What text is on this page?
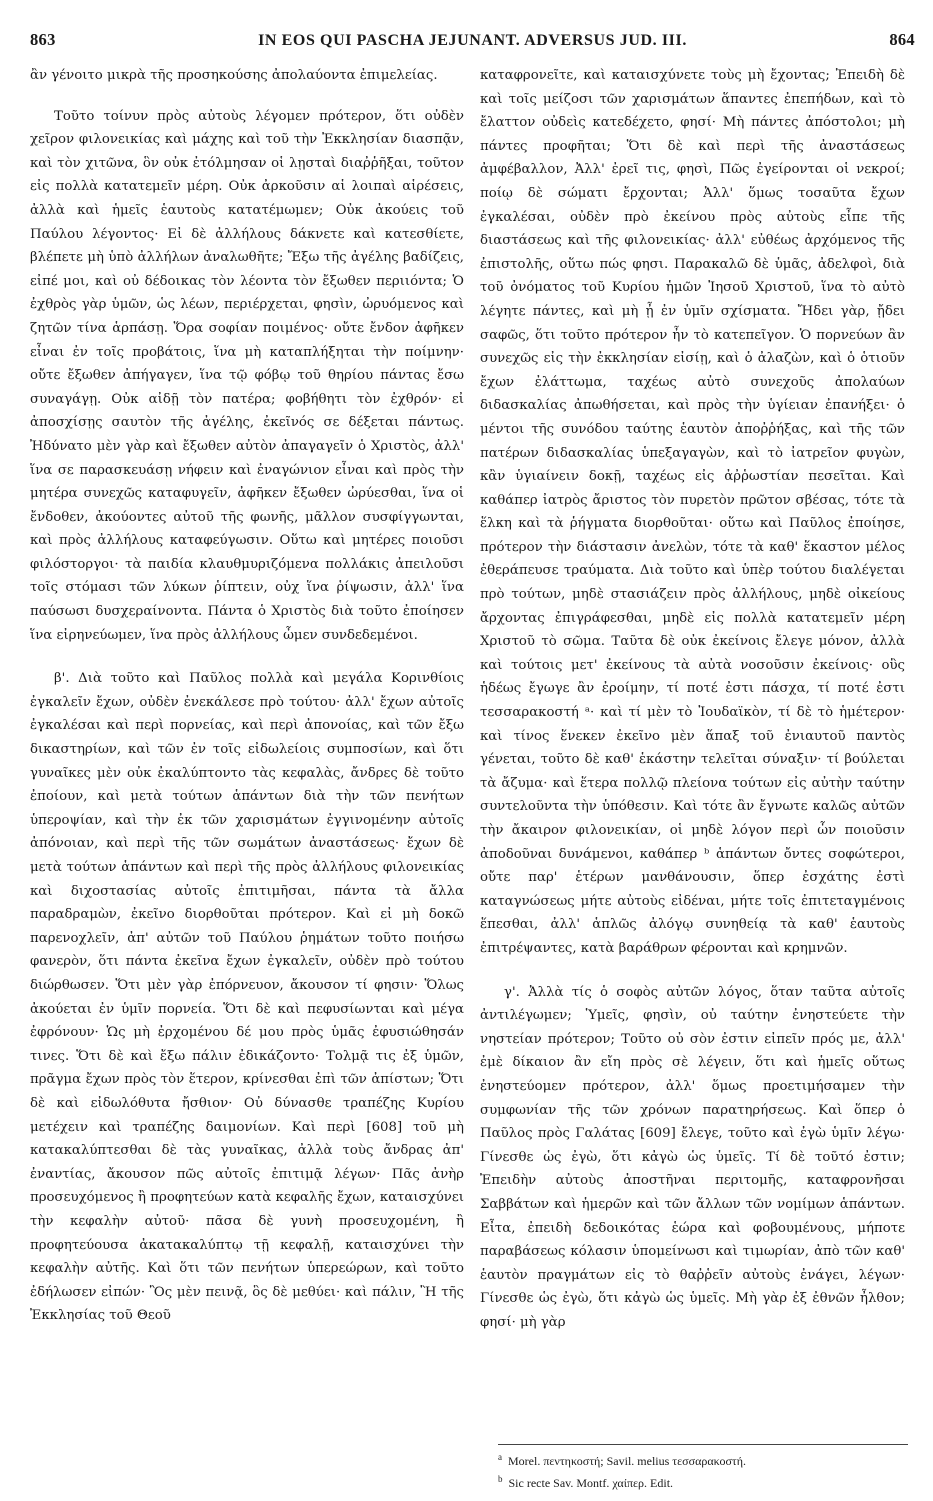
863	IN EOS QUI PASCHA JEJUNANT. ADVERSUS JUD. III.	864

ἂν γένοιτο μικρὰ τῆς προσηκούσης ἀπολαύοντα ἐπιμελείας.

Τοῦτο τοίνυν πρὸς αὐτοὺς λέγομεν πρότερον, ὅτι οὐδὲν χεῖρον φιλονεικίας καὶ μάχης καὶ τοῦ τὴν Ἐκκλησίαν διασπᾷν, καὶ τὸν χιτῶνα, ὃν οὐκ ἐτόλμησαν οἱ λῃσταὶ διαῤῥῆξαι, τοῦτον εἰς πολλὰ κατατεμεῖν μέρη. Οὐκ ἀρκοῦσιν αἱ λοιπαὶ αἱρέσεις, ἀλλὰ καὶ ἡμεῖς ἑαυτοὺς κατατέμωμεν; Οὐκ ἀκούεις τοῦ Παύλου λέγοντος· Εἰ δὲ ἀλλήλους δάκνετε καὶ κατεσθίετε, βλέπετε μὴ ὑπὸ ἀλλήλων ἀναλωθῆτε; Ἔξω τῆς ἀγέλης βαδίζεις, εἰπέ μοι, καὶ οὐ δέδοικας τὸν λέοντα τὸν ἔξωθεν περιιόντα; Ὁ ἐχθρὸς γὰρ ὑμῶν, ὡς λέων, περιέρχεται, φησὶν, ὠρυόμενος καὶ ζητῶν τίνα ἁρπάσῃ. Ὅρα σοφίαν ποιμένος· οὔτε ἔνδον ἀφῆκεν εἶναι ἐν τοῖς προβάτοις, ἵνα μὴ καταπλήξηται τὴν ποίμνην· οὔτε ἔξωθεν ἀπήγαγεν, ἵνα τῷ φόβῳ τοῦ θηρίου πάντας ἔσω συναγάγῃ. Οὐκ αἰδῇ τὸν πατέρα; φοβήθητι τὸν ἐχθρόν· εἰ ἀποσχίσῃς σαυτὸν τῆς ἀγέλης, ἐκεῖνός σε δέξεται πάντως. Ἠδύνατο μὲν γὰρ καὶ ἔξωθεν αὐτὸν ἀπαγαγεῖν ὁ Χριστὸς, ἀλλ' ἵνα σε παρασκευάσῃ νήφειν καὶ ἐναγώνιον εἶναι καὶ πρὸς τὴν μητέρα συνεχῶς καταφυγεῖν, ἀφῆκεν ἔξωθεν ὠρύεσθαι, ἵνα οἱ ἔνδοθεν, ἀκούοντες αὐτοῦ τῆς φωνῆς, μᾶλλον συσφίγγωνται, καὶ πρὸς ἀλλήλους καταφεύγωσιν. Οὕτω καὶ μητέρες ποιοῦσι φιλόστοργοι· τὰ παιδία κλαυθμυριζόμενα πολλάκις ἀπειλοῦσι τοῖς στόμασι τῶν λύκων ῥίπτειν, οὐχ ἵνα ῥίψωσιν, ἀλλ' ἵνα παύσωσι δυσχεραίνοντα. Πάντα ὁ Χριστὸς διὰ τοῦτο ἐποίησεν ἵνα εἰρηνεύωμεν, ἵνα πρὸς ἀλλήλους ὦμεν συνδεδεμένοι.

β'. Διὰ τοῦτο καὶ Παῦλος πολλὰ καὶ μεγάλα Κορινθίοις ἐγκαλεῖν ἔχων, οὐδὲν ἐνεκάλεσε πρὸ τούτου· ἀλλ' ἔχων αὐτοῖς ἐγκαλέσαι καὶ περὶ πορνείας, καὶ περὶ ἀπονοίας, καὶ τῶν ἔξω δικαστηρίων, καὶ τῶν ἐν τοῖς εἰδωλείοις συμποσίων, καὶ ὅτι γυναῖκες μὲν οὐκ ἐκαλύπτοντο τὰς κεφαλὰς, ἄνδρες δὲ τοῦτο ἐποίουν, καὶ μετὰ τούτων ἁπάντων διὰ τὴν τῶν πενήτων ὑπεροψίαν, καὶ τὴν ἐκ τῶν χαρισμάτων ἐγγινομένην αὐτοῖς ἀπόνοιαν, καὶ περὶ τῆς τῶν σωμάτων ἀναστάσεως· ἔχων δὲ μετὰ τούτων ἁπάντων καὶ περὶ τῆς πρὸς ἀλλήλους φιλονεικίας καὶ διχοστασίας αὐτοῖς ἐπιτιμῆσαι, πάντα τὰ ἄλλα παραδραμὼν, ἐκεῖνο διορθοῦται πρότερον. Καὶ εἰ μὴ δοκῶ παρενοχλεῖν, ἀπ' αὐτῶν τοῦ Παύλου ῥημάτων τοῦτο ποιήσω φανερὸν, ὅτι πάντα ἐκεῖνα ἔχων ἐγκαλεῖν, οὐδὲν πρὸ τούτου διώρθωσεν. Ὅτι μὲν γὰρ ἐπόρνευον, ἄκουσον τί φησιν· Ὅλως ἀκούεται ἐν ὑμῖν πορνεία. Ὅτι δὲ καὶ πεφυσίωνται καὶ μέγα ἐφρόνουν· Ὡς μὴ ἐρχομένου δέ μου πρὸς ὑμᾶς ἐφυσιώθησάν τινες. Ὅτι δὲ καὶ ἔξω πάλιν ἐδικάζοντο· Τολμᾷ τις ἐξ ὑμῶν, πρᾶγμα ἔχων πρὸς τὸν ἕτερον, κρίνεσθαι ἐπὶ τῶν ἀπίστων; Ὅτι δὲ καὶ εἰδωλόθυτα ἤσθιον· Οὐ δύνασθε τραπέζης Κυρίου μετέχειν καὶ τραπέζης δαιμονίων. Καὶ περὶ [608] τοῦ μὴ κατακαλύπτεσθαι δὲ τὰς γυναῖκας, ἀλλὰ τοὺς ἄνδρας ἀπ' ἐναντίας, ἄκουσον πῶς αὐτοῖς ἐπιτιμᾷ λέγων· Πᾶς ἀνὴρ προσευχόμενος ἢ προφητεύων κατὰ κεφαλῆς ἔχων, καταισχύνει τὴν κεφαλὴν αὐτοῦ· πᾶσα δὲ γυνὴ προσευχομένη, ἢ προφητεύουσα ἀκατακαλύπτῳ τῇ κεφαλῇ, καταισχύνει τὴν κεφαλὴν αὐτῆς. Καὶ ὅτι τῶν πενήτων ὑπερεώρων, καὶ τοῦτο ἐδήλωσεν εἰπών· Ὃς μὲν πεινᾷ, ὃς δὲ μεθύει· καὶ πάλιν, Ἢ τῆς Ἐκκλησίας τοῦ Θεοῦ

καταφρονεῖτε, καὶ καταισχύνετε τοὺς μὴ ἔχοντας; Ἐπειδὴ δὲ καὶ τοῖς μείζοσι τῶν χαρισμάτων ἅπαντες ἐπεπήδων, καὶ τὸ ἔλαττον οὐδεὶς κατεδέχετο, φησί· Μὴ πάντες ἀπόστολοι; μὴ πάντες προφῆται; Ὅτι δὲ καὶ περὶ τῆς ἀναστάσεως ἀμφέβαλλον, Ἀλλ' ἐρεῖ τις, φησὶ, Πῶς ἐγείρονται οἱ νεκροί; ποίῳ δὲ σώματι ἔρχονται; Ἀλλ' ὅμως τοσαῦτα ἔχων ἐγκαλέσαι, οὐδὲν πρὸ ἐκείνου πρὸς αὐτοὺς εἶπε τῆς διαστάσεως καὶ τῆς φιλονεικίας· ἀλλ' εὐθέως ἀρχόμενος τῆς ἐπιστολῆς, οὕτω πώς φησι. Παρακαλῶ δὲ ὑμᾶς, ἀδελφοὶ, διὰ τοῦ ὀνόματος τοῦ Κυρίου ἡμῶν Ἰησοῦ Χριστοῦ, ἵνα τὸ αὐτὸ λέγητε πάντες, καὶ μὴ ᾖ ἐν ὑμῖν σχίσματα. Ἤδει γὰρ, ᾔδει σαφῶς, ὅτι τοῦτο πρότερον ἦν τὸ κατεπεῖγον. Ὁ πορνεύων ἂν συνεχῶς εἰς τὴν ἐκκλησίαν εἰσίῃ, καὶ ὁ ἀλαζὼν, καὶ ὁ ὁτιοῦν ἔχων ἐλάττωμα, ταχέως αὐτὸ συνεχοῦς ἀπολαύων διδασκαλίας ἀπωθήσεται, καὶ πρὸς τὴν ὑγίειαν ἐπανήξει· ὁ μέντοι τῆς συνόδου ταύτης ἑαυτὸν ἀποῤῥήξας, καὶ τῆς τῶν πατέρων διδασκαλίας ὑπεξαγαγὼν, καὶ τὸ ἰατρεῖον φυγὼν, κἂν ὑγιαίνειν δοκῇ, ταχέως εἰς ἀῤῥωστίαν πεσεῖται. Καὶ καθάπερ ἰατρὸς ἄριστος τὸν πυρετὸν πρῶτον σβέσας, τότε τὰ ἕλκη καὶ τὰ ῥήγματα διορθοῦται· οὕτω καὶ Παῦλος ἐποίησε, πρότερον τὴν διάστασιν ἀνελὼν, τότε τὰ καθ' ἕκαστον μέλος ἐθεράπευσε τραύματα. Διὰ τοῦτο καὶ ὑπὲρ τούτου διαλέγεται πρὸ τούτων, μηδὲ στασιάζειν πρὸς ἀλλήλους, μηδὲ οἰκείους ἄρχοντας ἐπιγράφεσθαι, μηδὲ εἰς πολλὰ κατατεμεῖν μέρη Χριστοῦ τὸ σῶμα. Ταῦτα δὲ οὐκ ἐκείνοις ἔλεγε μόνον, ἀλλὰ καὶ τούτοις μετ' ἐκείνους τὰ αὐτὰ νοσοῦσιν ἐκείνοις· οὓς ἡδέως ἔγωγε ἂν ἐροίμην, τί ποτέ ἐστι πάσχα, τί ποτέ ἐστι τεσσαρακοστή ᵃ· καὶ τί μὲν τὸ Ἰουδαϊκὸν, τί δὲ τὸ ἡμέτερον· καὶ τίνος ἕνεκεν ἐκεῖνο μὲν ἅπαξ τοῦ ἐνιαυτοῦ παντὸς γένεται, τοῦτο δὲ καθ' ἑκάστην τελεῖται σύναξιν· τί βούλεται τὰ ἄζυμα· καὶ ἕτερα πολλῷ πλείονα τούτων εἰς αὐτὴν ταύτην συντελοῦντα τὴν ὑπόθεσιν. Καὶ τότε ἂν ἔγνωτε καλῶς αὐτῶν τὴν ἄκαιρον φιλονεικίαν, οἱ μηδὲ λόγον περὶ ὧν ποιοῦσιν ἀποδοῦναι δυνάμενοι, καθάπερ ᵇ ἁπάντων ὄντες σοφώτεροι, οὔτε παρ' ἑτέρων μανθάνουσιν, ὅπερ ἐσχάτης ἐστὶ καταγνώσεως μήτε αὐτοὺς εἰδέναι, μήτε τοῖς ἐπιτεταγμένοις ἕπεσθαι, ἀλλ' ἁπλῶς ἀλόγῳ συνηθείᾳ τὰ καθ' ἑαυτοὺς ἐπιτρέψαντες, κατὰ βαράθρων φέρονται καὶ κρημνῶν.

γ'. Ἀλλὰ τίς ὁ σοφὸς αὐτῶν λόγος, ὅταν ταῦτα αὐτοῖς ἀντιλέγωμεν; Ὑμεῖς, φησὶν, οὐ ταύτην ἐνηστεύετε τὴν νηστείαν πρότερον; Τοῦτο οὐ σὸν ἐστιν εἰπεῖν πρός με, ἀλλ' ἐμὲ δίκαιον ἂν εἴη πρὸς σὲ λέγειν, ὅτι καὶ ἡμεῖς οὕτως ἐνηστεύομεν πρότερον, ἀλλ' ὅμως προετιμήσαμεν τὴν συμφωνίαν τῆς τῶν χρόνων παρατηρήσεως. Καὶ ὅπερ ὁ Παῦλος πρὸς Γαλάτας [609] ἔλεγε, τοῦτο καὶ ἐγὼ ὑμῖν λέγω· Γίνεσθε ὡς ἐγὼ, ὅτι κἀγὼ ὡς ὑμεῖς. Τί δὲ τοῦτό ἐστιν; Ἐπειδὴν αὐτοὺς ἀποστῆναι περιτομῆς, καταφρονῆσαι Σαββάτων καὶ ἡμερῶν καὶ τῶν ἄλλων τῶν νομίμων ἁπάντων. Εἶτα, ἐπειδὴ δεδοικότας ἑώρα καὶ φοβουμένους, μήποτε παραβάσεως κόλασιν ὑπομείνωσι καὶ τιμωρίαν, ἀπὸ τῶν καθ' ἑαυτὸν πραγμάτων εἰς τὸ θαῤῥεῖν αὐτοὺς ἐνάγει, λέγων· Γίνεσθε ὡς ἐγὼ, ὅτι κἀγὼ ὡς ὑμεῖς. Μὴ γὰρ ἐξ ἐθνῶν ἦλθον; φησί· μὴ γὰρ

$^a$ Morel. πεντηκοστή; Savil. melius τεσσαρακοστή.

$^b$ Sic recte Sav. Montf. χαίπερ. Edit.
